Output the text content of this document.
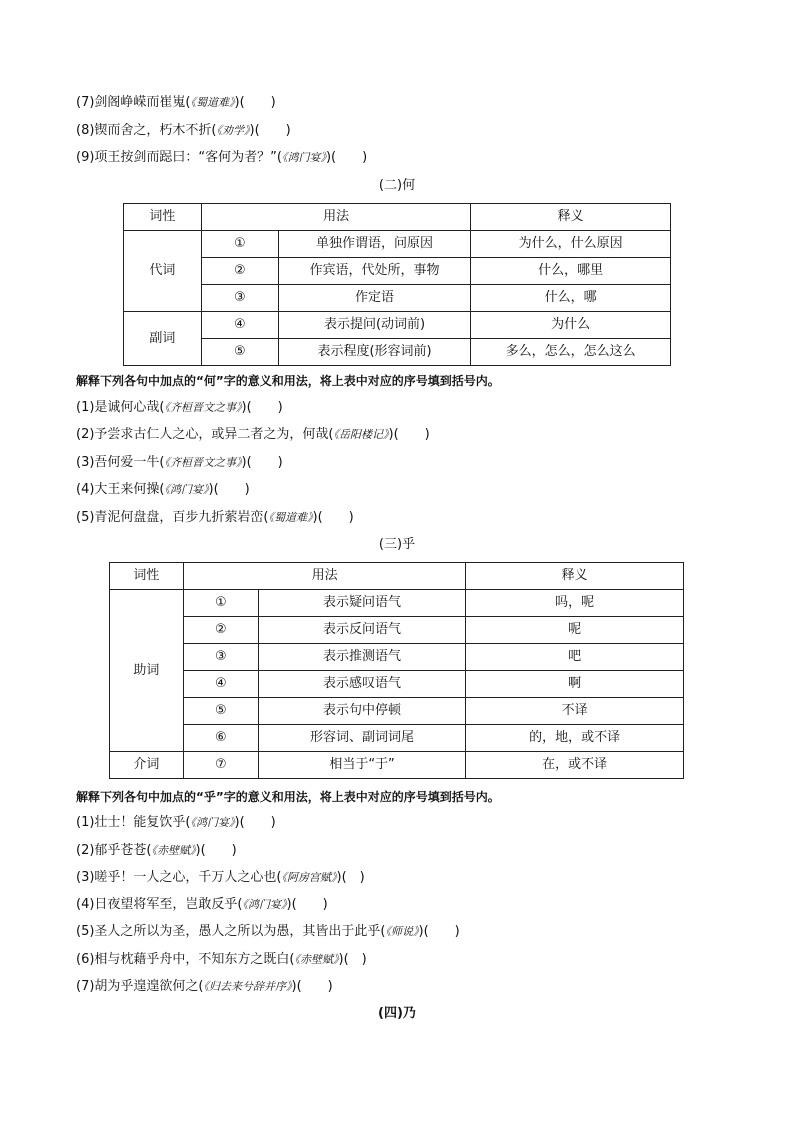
(7)剑阁峥嵘而崔嵬(《蜀道难》)(　　)
(8)锲而舍之，朽木不折(《劝学》)(　　)
(9)项王按剑而跽曰：“客何为者？”(《鸿门宴》)(　　)
(二)何
词性	用法		释义
代词	①	单独作谓语，问原因	为什么，什么原因
	②	作宾语，代处所，事物	什么，哪里
	③	作定语	什么，哪
副词	④	表示提问(动词前)	为什么
	⑤	表示程度(形容词前)	多么，怎么，怎么这么
解释下列各句中加点的“何”字的意义和用法，将上表中对应的序号填到括号内。
(1)是诚何心哉(《齐桓晋文之事》)(　　)
(2)予尝求古仁人之心，或异二者之为，何哉(《岳阳楼记》)(　　)
(3)吾何爱一牛(《齐桓晋文之事》)(　　)
(4)大王来何操(《鸿门宴》)(　　)
(5)青泥何盘盘，百步九折萦岩峦(《蜀道难》)(　　)
(三)乎
词性	用法		释义
助词	①	表示疑问语气	吗，呢
	②	表示反问语气	呢
	③	表示推测语气	吧
	④	表示感叹语气	啊
	⑤	表示句中停顿	不译
	⑥	形容词、副词词尾	的，地，或不译
介词	⑦	相当于“于”	在，或不译
解释下列各句中加点的“乎”字的意义和用法，将上表中对应的序号填到括号内。
(1)壮士！能复饮乎(《鸿门宴》)(　　)
(2)郁乎苍苍(《赤壁赋》)(　　)
(3)嗟乎！一人之心，千万人之心也(《阿房宫赋》)(　)
(4)日夜望将军至，岂敢反乎(《鸿门宴》)(　　)
(5)圣人之所以为圣，愚人之所以为愚，其皆出于此乎(《师说》)(　　)
(6)相与枕藉乎舟中，不知东方之既白(《赤壁赋》)(　)
(7)胡为乎遑遑欲何之(《归去来兮辞并序》)(　　)
(四)乃
